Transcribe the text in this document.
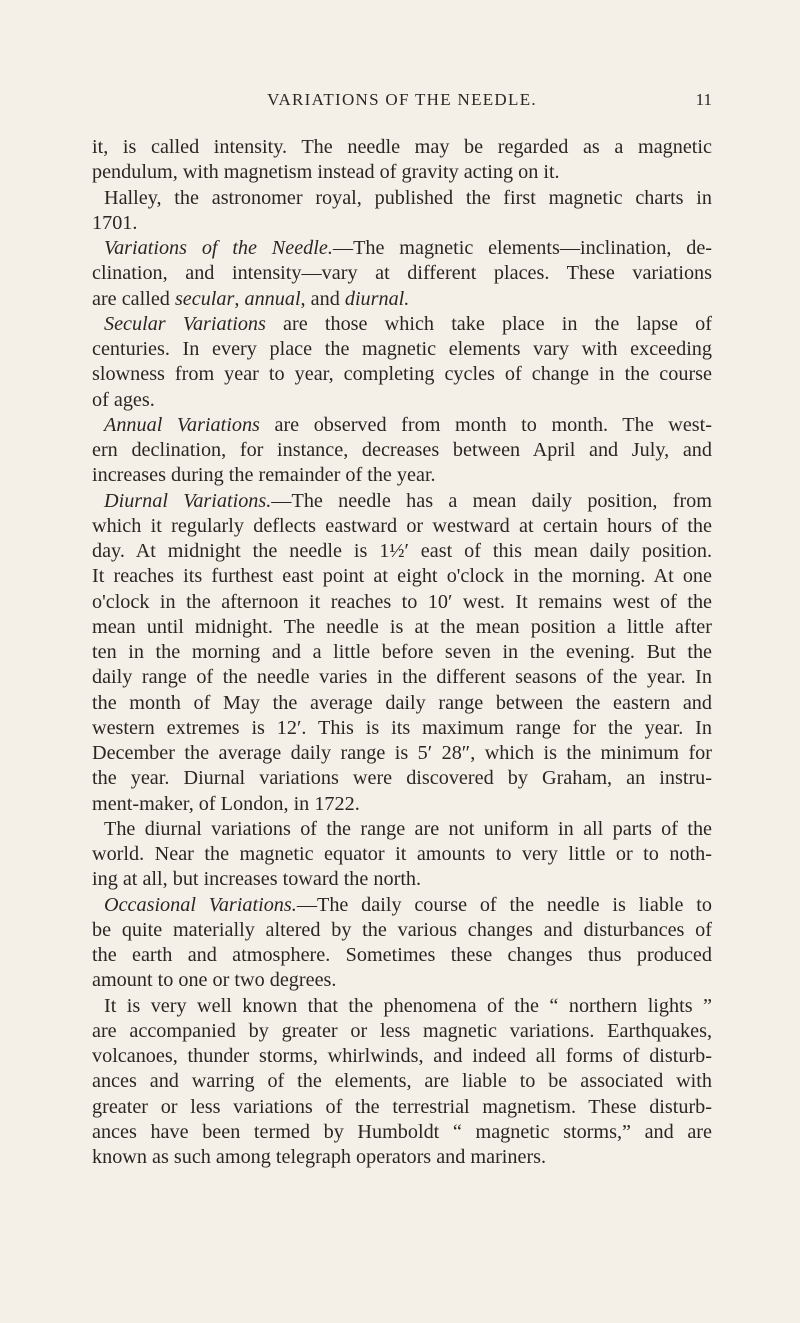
VARIATIONS OF THE NEEDLE.	11
it, is called intensity. The needle may be regarded as a magnetic
pendulum, with magnetism instead of gravity acting on it.
Halley, the astronomer royal, published the first magnetic charts in
1701.
Variations of the Needle.—The magnetic elements—inclination, de-
clination, and intensity—vary at different places. These variations
are called secular, annual, and diurnal.
Secular Variations are those which take place in the lapse of
centuries. In every place the magnetic elements vary with exceeding
slowness from year to year, completing cycles of change in the course
of ages.
Annual Variations are observed from month to month. The west-
ern declination, for instance, decreases between April and July, and
increases during the remainder of the year.
Diurnal Variations.—The needle has a mean daily position, from
which it regularly deflects eastward or westward at certain hours of the
day. At midnight the needle is 1½′ east of this mean daily position.
It reaches its furthest east point at eight o'clock in the morning. At one
o'clock in the afternoon it reaches to 10′ west. It remains west of the
mean until midnight. The needle is at the mean position a little after
ten in the morning and a little before seven in the evening. But the
daily range of the needle varies in the different seasons of the year. In
the month of May the average daily range between the eastern and
western extremes is 12′. This is its maximum range for the year. In
December the average daily range is 5′ 28″, which is the minimum for
the year. Diurnal variations were discovered by Graham, an instru-
ment-maker, of London, in 1722.
The diurnal variations of the range are not uniform in all parts of the
world. Near the magnetic equator it amounts to very little or to noth-
ing at all, but increases toward the north.
Occasional Variations.—The daily course of the needle is liable to
be quite materially altered by the various changes and disturbances of
the earth and atmosphere. Sometimes these changes thus produced
amount to one or two degrees.
It is very well known that the phenomena of the “ northern lights ”
are accompanied by greater or less magnetic variations. Earthquakes,
volcanoes, thunder storms, whirlwinds, and indeed all forms of disturb-
ances and warring of the elements, are liable to be associated with
greater or less variations of the terrestrial magnetism. These disturb-
ances have been termed by Humboldt “ magnetic storms,” and are
known as such among telegraph operators and mariners.
